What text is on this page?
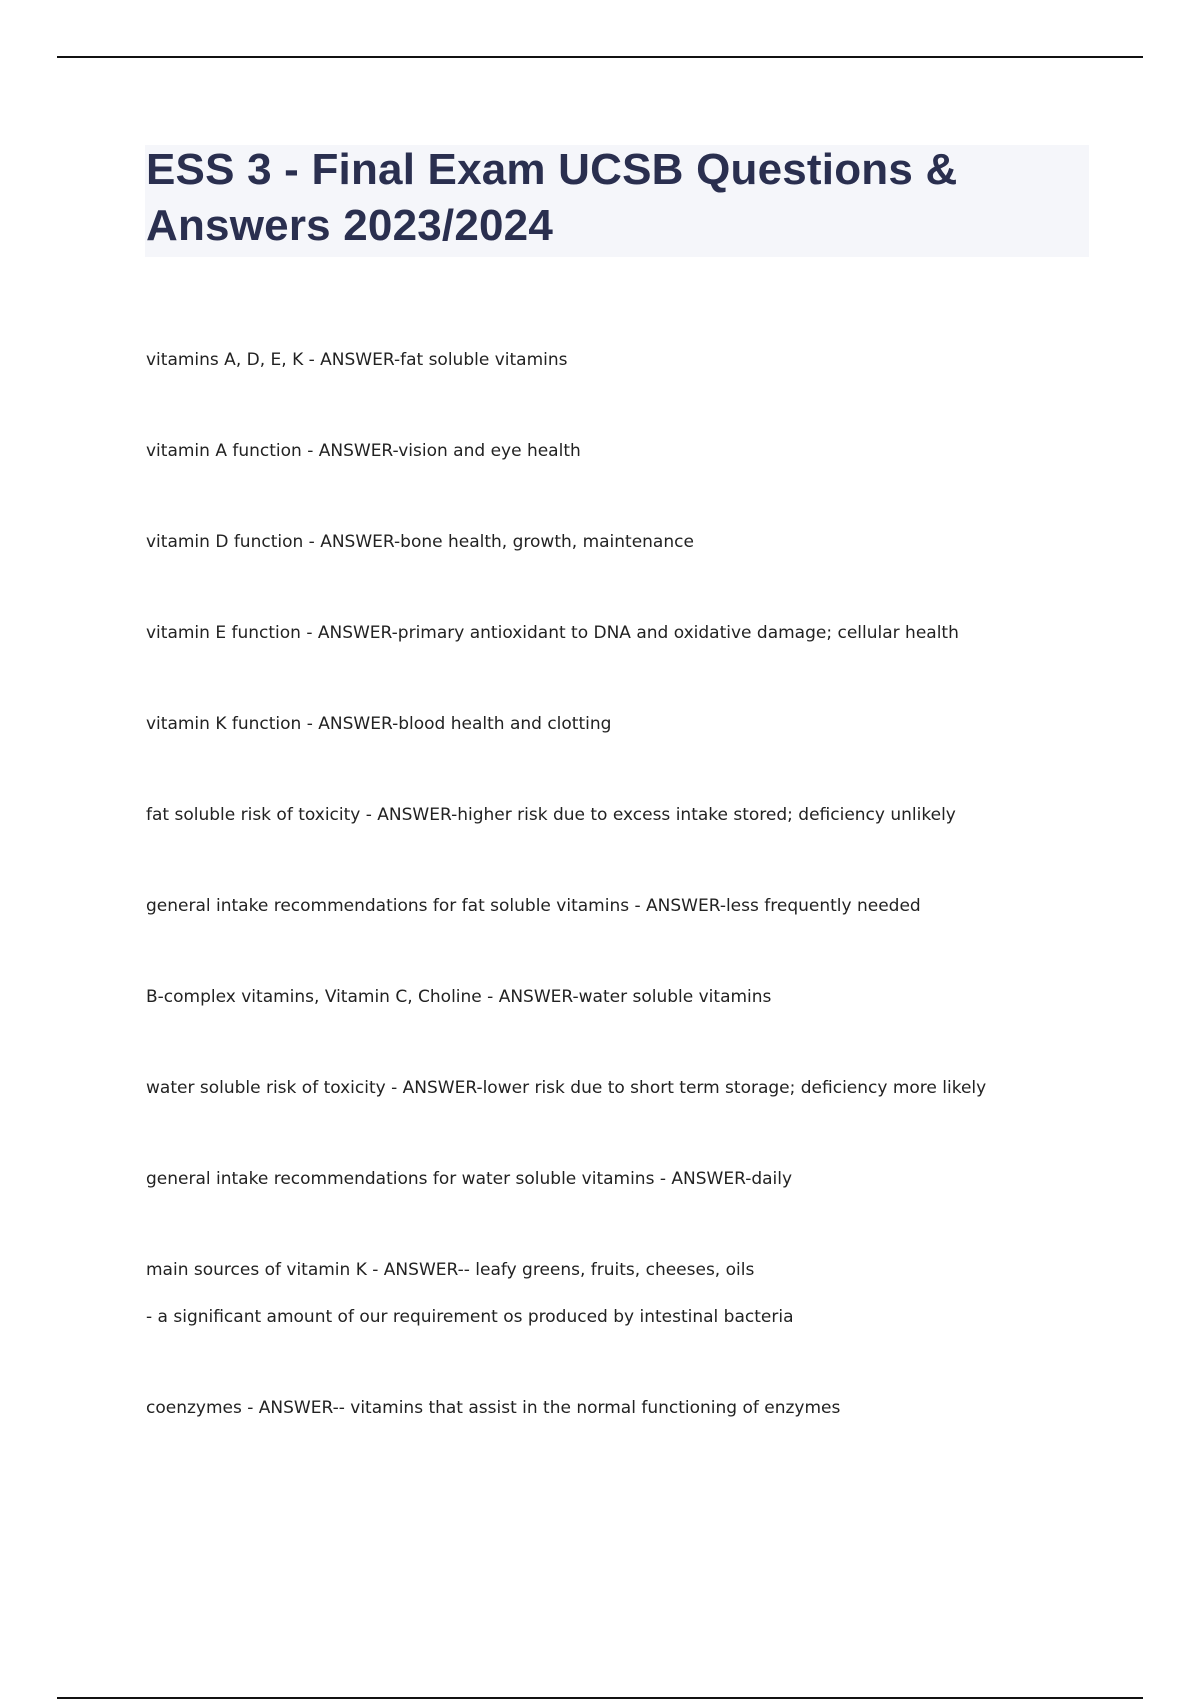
ESS 3 - Final Exam UCSB Questions & Answers 2023/2024

vitamins A, D, E, K - ANSWER-fat soluble vitamins

vitamin A function - ANSWER-vision and eye health

vitamin D function - ANSWER-bone health, growth, maintenance

vitamin E function - ANSWER-primary antioxidant to DNA and oxidative damage; cellular health

vitamin K function - ANSWER-blood health and clotting

fat soluble risk of toxicity - ANSWER-higher risk due to excess intake stored; deficiency unlikely

general intake recommendations for fat soluble vitamins - ANSWER-less frequently needed

B-complex vitamins, Vitamin C, Choline - ANSWER-water soluble vitamins

water soluble risk of toxicity - ANSWER-lower risk due to short term storage; deficiency more likely

general intake recommendations for water soluble vitamins - ANSWER-daily

main sources of vitamin K - ANSWER-- leafy greens, fruits, cheeses, oils
- a significant amount of our requirement os produced by intestinal bacteria

coenzymes - ANSWER-- vitamins that assist in the normal functioning of enzymes
